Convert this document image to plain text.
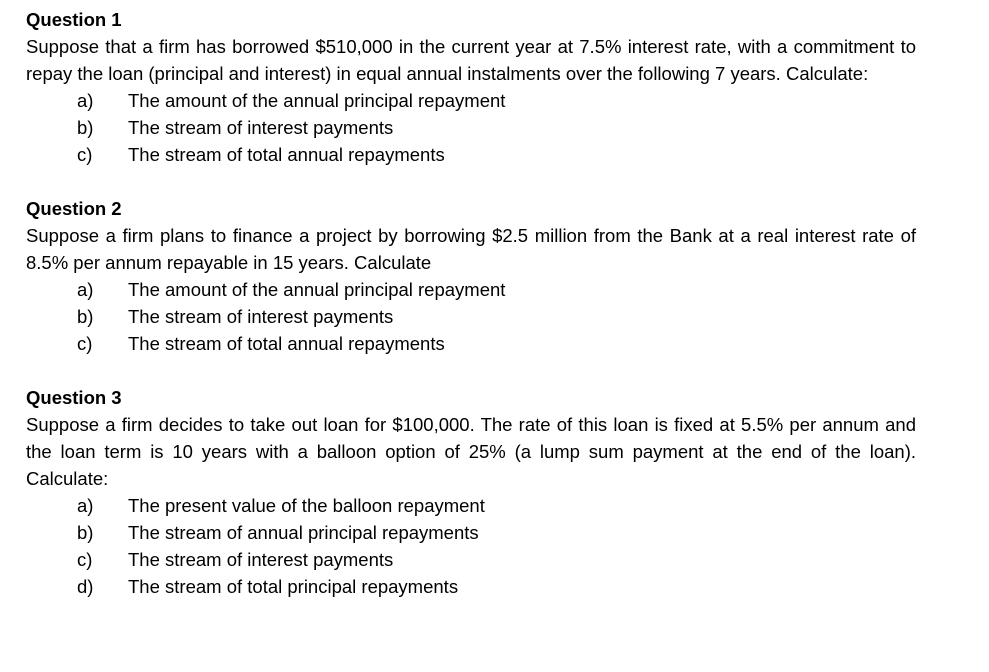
Question 1
Suppose that a firm has borrowed $510,000 in the current year at 7.5% interest rate, with a commitment to repay the loan (principal and interest) in equal annual instalments over the following 7 years. Calculate:
a)	The amount of the annual principal repayment
b)	The stream of interest payments
c)	The stream of total annual repayments
Question 2
Suppose a firm plans to finance a project by borrowing $2.5 million from the Bank at a real interest rate of 8.5% per annum repayable in 15 years. Calculate
a)	The amount of the annual principal repayment
b)	The stream of interest payments
c)	The stream of total annual repayments
Question 3
Suppose a firm decides to take out loan for $100,000. The rate of this loan is fixed at 5.5% per annum and the loan term is 10 years with a balloon option of 25% (a lump sum payment at the end of the loan). Calculate:
a)	The present value of the balloon repayment
b)	The stream of annual principal repayments
c)	The stream of interest payments
d)	The stream of total principal repayments
